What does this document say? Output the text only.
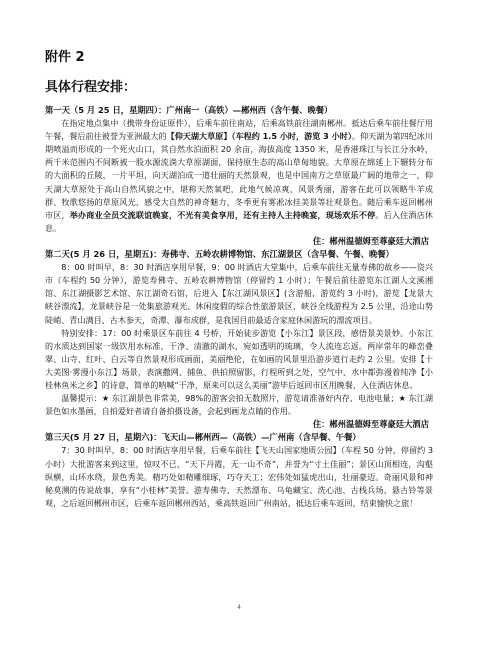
附件 2
具体行程安排：

第一天（5 月 25 日，星期四）：广州南一（高铁）—郴州西（含午餐、晚餐）

在指定地点集中（携带身份证原件），后乘车前往南站，后乘高铁前往湖南郴州。抵达后乘车前往餐厅用午餐，餐后前往被誉为亚洲最大的【仰天湖大草原】（车程约 1.5 小时，游览 3 小时）。仰天湖为第四纪冰川期喷溢而形成的一个死火山口，其自然水泊面积 20 余亩，海拔高度 1350 米，是香港珠江与长江分水岭，两千米范围内不间断被一股水源流淌大草原湖面，保持原生态的高山草甸地貌。大草原在绵延上下辗转分布的大面积的丘陵，一片平坦，向天湖泊成一道壮丽的天然景观，也是中国南方之草原最广阔的地带之一，仰天湖大草原处于高山自然风貌之中，堪称天然氧吧，此地气候凉爽，风景秀丽，游客在此可以领略牛羊成群、牧歌悠扬的草原风光，感受大自然的神奇魅力，冬季更有雾凇冰挂美景等壮观景色。随后乘车返回郴州市区，举办商业全员交流联谊晚宴，不光有美食享用，还有主持人主持晚宴，现场欢乐不停。后入住酒店休息。

住：郴州温德姆至尊豪廷大酒店

第二天(5 月 26 日，星期五)：寿佛寺、五岭农耕博物馆、东江湖景区（含早餐、午餐、晚餐）

8：00 时叫早，8：30 时酒店享用早餐，9：00 时酒店大堂集中，后乘车前往无量寿佛的故乡——资兴市（车程约 50 分钟），游览寿佛寺、五岭农耕博物馆（停留约 1 小时）；午餐后前往游览东江湖人文溪湘馆、东江湖摄影艺术馆、东江湖奇石馆，后进入【东江湖风景区】(含游船，游览约 3 小时)，游览【龙景大峡谷漂流】，龙景峡谷是一处集旅游观光、休闲度假的综合性旅游景区，峡谷全线游程为 2.5 公里，沿途山势陡峭、青山满目、古木参天，奇潭、瀑布成群，是我国目前最适合家庭休闲游玩的漂流项目。

特别安排：17：00 时乘景区车前往 4 号桥，开始徒步游览【小东江】景区段，感悟景美景妙。小东江的水质达到国家一级饮用水标准，干净、清澈的湖水，宛如透明的琉璃，令人流连忘返。两岸常年的峰峦叠翠、山寺、红叶、白云等自然景观形成画面，美丽绝伦，在如画的风景里沿游步道行走约 2 公里。安排【十大美图·雾漫小东江】场景，表演撒网、捕鱼、供拍照留影，行程所到之处，空气中、水中都弥漫着纯净【小桂林鱼米之乡】的诗意，简单的呐喊“干净，原来可以这么美丽”游毕后返回市区用晚餐，入住酒店休息。

温馨提示：★ 东江湖景色非常美，98%的游客会拍无数照片，游览请准备好内存、电池电量；★ 东江湖景色如水墨画，自拍爱好者请自备拍摄设备，会起到画龙点睛的作用。

住：郴州温德姆至尊豪廷大酒店

第三天(5 月 27 日，星期六)：飞天山—郴州西—（高铁）—广州南（含早餐、午餐）

7：30 时叫早，8：00 时酒店享用早餐，后乘车前往【飞天山国家地质公园】（车程 50 分钟，停留约 3 小时）大批游客来到这里，惊叹不已，“天下丹霞，无一山不奇”，并誉为“寸土佳丽”；景区山顶相连，沟壑纵横，山环水绕，景色秀美。精巧处如精雕细琢，巧夺天工；宏伟处如猛虎出山，壮丽豪迈。奇丽风景和神秘莫测的传说故事，享有“小桂林”美誉。游寿佛寺、天然漂布、乌龟藏宝、洗心池、古栈兵场、悬古铃等景观，之后返回郴州市区，后乘车返回郴州西站，乘高铁返回广州南站，抵达后乘车返回，结束愉快之旅！

4
